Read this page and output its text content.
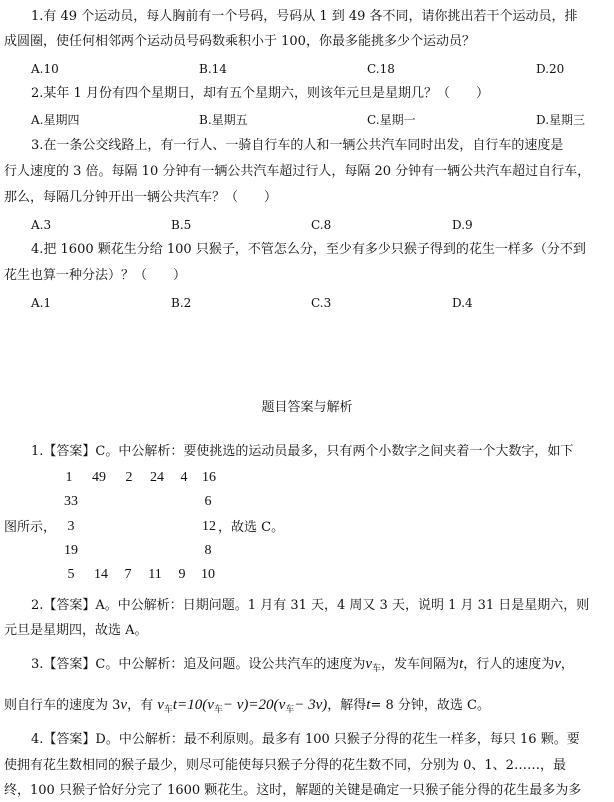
1.有 49 个运动员，每人胸前有一个号码，号码从 1 到 49 各不同，请你挑出若干个运动员，排
成圆圈，使任何相邻两个运动员号码数乘积小于 100，你最多能挑多少个运动员？
A.10	B.14	C.18	D.20
2.某年 1 月份有四个星期日，却有五个星期六，则该年元旦是星期几？（　　）
A.星期四	B.星期五	C.星期一	D.星期三
3.在一条公交线路上，有一行人、一骑自行车的人和一辆公共汽车同时出发，自行车的速度是
行人速度的 3 倍。每隔 10 分钟有一辆公共汽车超过行人，每隔 20 分钟有一辆公共汽车超过自行车，
那么，每隔几分钟开出一辆公共汽车？（　　）
A.3	B.5	C.8	D.9
4.把 1600 颗花生分给 100 只猴子，不管怎么分，至少有多少只猴子得到的花生一样多（分不到
花生也算一种分法）？（　　）
A.1	B.2	C.3	D.4
题目答案与解析
1.【答案】C。中公解析：要使挑选的运动员最多，只有两个小数字之间夹着一个大数字，如下
1	49	2	24	4	16
33	6
3	12
19	8
5	14	7	11	9	10
图所示，	，故选 C。
2.【答案】A。中公解析：日期问题。1 月有 31 天，4 周又 3 天，说明 1 月 31 日是星期六，则
元旦是星期四，故选 A。
3.【答案】C。中公解析：追及问题。设公共汽车的速度为$v_车$，发车间隔为t，行人的速度为v，
则自行车的速度为 3v，有 $v_车t=10(v_车- v)=20(v_车- 3v)$，解得t= 8 分钟，故选 C。
4.【答案】D。中公解析：最不利原则。最多有 100 只猴子分得的花生一样多，每只 16 颗。要
使拥有花生数相同的猴子最少，则尽可能使每只猴子分得的花生数不同，分别为 0、1、2……，最
终，100 只猴子恰好分完了 1600 颗花生。这时，解题的关键是确定一只猴子能分得的花生最多为多
